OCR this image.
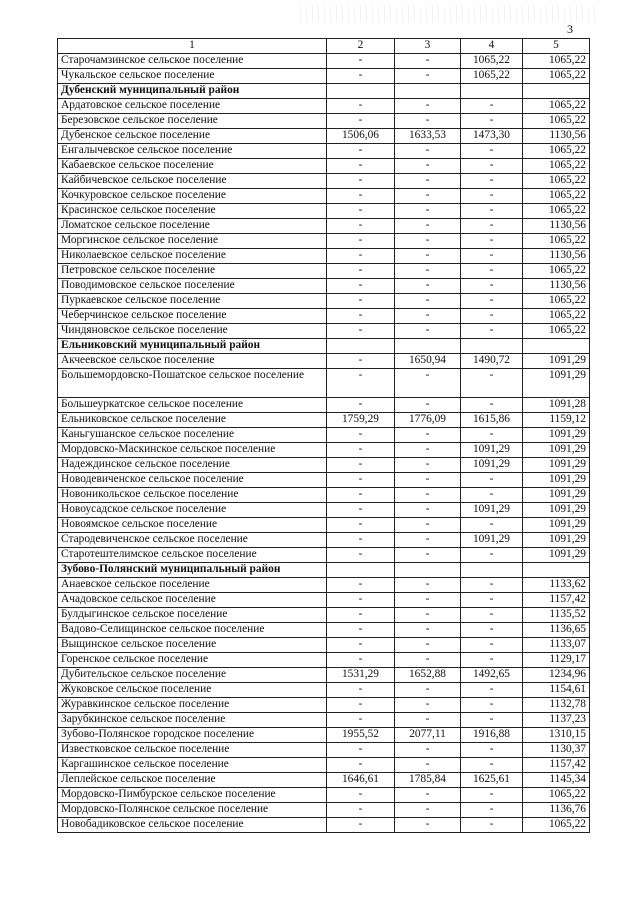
3
1	2	3	4	5
Старочамзинское сельское поселение	-	-	1065,22	1065,22
Чукальское сельское поселение	-	-	1065,22	1065,22
Дубенский муниципальный район				
Ардатовское сельское поселение	-	-	-	1065,22
Березовское сельское поселение	-	-	-	1065,22
Дубенское сельское поселение	1506,06	1633,53	1473,30	1130,56
Енгалычевское сельское поселение	-	-	-	1065,22
Кабаевское сельское поселение	-	-	-	1065,22
Кайбичевское сельское поселение	-	-	-	1065,22
Кочкуровское сельское поселение	-	-	-	1065,22
Красинское сельское поселение	-	-	-	1065,22
Ломатское сельское поселение	-	-	-	1130,56
Моргинское сельское поселение	-	-	-	1065,22
Николаевское сельское поселение	-	-	-	1130,56
Петровское сельское поселение	-	-	-	1065,22
Поводимовское сельское поселение	-	-	-	1130,56
Пуркаевское сельское поселение	-	-	-	1065,22
Чеберчинское сельское поселение	-	-	-	1065,22
Чиндяновское сельское поселение	-	-	-	1065,22
Ельниковский муниципальный район				
Акчеевское сельское поселение	-	1650,94	1490,72	1091,29
Большемордовско-Пошатское сельское поселение	-	-	-	1091,29
Большеуркатское сельское поселение	-	-	-	1091,28
Ельниковское сельское поселение	1759,29	1776,09	1615,86	1159,12
Каньгушанское сельское поселение	-	-	-	1091,29
Мордовско-Маскинское сельское поселение	-	-	1091,29	1091,29
Надеждинское сельское поселение	-	-	1091,29	1091,29
Новодевиченское сельское поселение	-	-	-	1091,29
Новоникольское сельское поселение	-	-	-	1091,29
Новоусадское сельское поселение	-	-	1091,29	1091,29
Новоямское сельское поселение	-	-	-	1091,29
Стародевиченское сельское поселение	-	-	1091,29	1091,29
Старотештелимское сельское поселение	-	-	-	1091,29
Зубово-Полянский муниципальный район				
Анаевское сельское поселение	-	-	-	1133,62
Ачадовское сельское поселение	-	-	-	1157,42
Булдыгинское сельское поселение	-	-	-	1135,52
Вадово-Селищинское сельское поселение	-	-	-	1136,65
Выщинское сельское поселение	-	-	-	1133,07
Горенское сельское поселение	-	-	-	1129,17
Дубительское сельское поселение	1531,29	1652,88	1492,65	1234,96
Жуковское сельское поселение	-	-	-	1154,61
Журавкинское сельское поселение	-	-	-	1132,78
Зарубкинское сельское поселение	-	-	-	1137,23
Зубово-Полянское городское поселение	1955,52	2077,11	1916,88	1310,15
Известковское сельское поселение	-	-	-	1130,37
Каргашинское сельское поселение	-	-	-	1157,42
Леплейское сельское поселение	1646,61	1785,84	1625,61	1145,34
Мордовско-Пимбурское сельское поселение	-	-	-	1065,22
Мордовско-Полянское сельское поселение	-	-	-	1136,76
Новобадиковское сельское поселение	-	-	-	1065,22
